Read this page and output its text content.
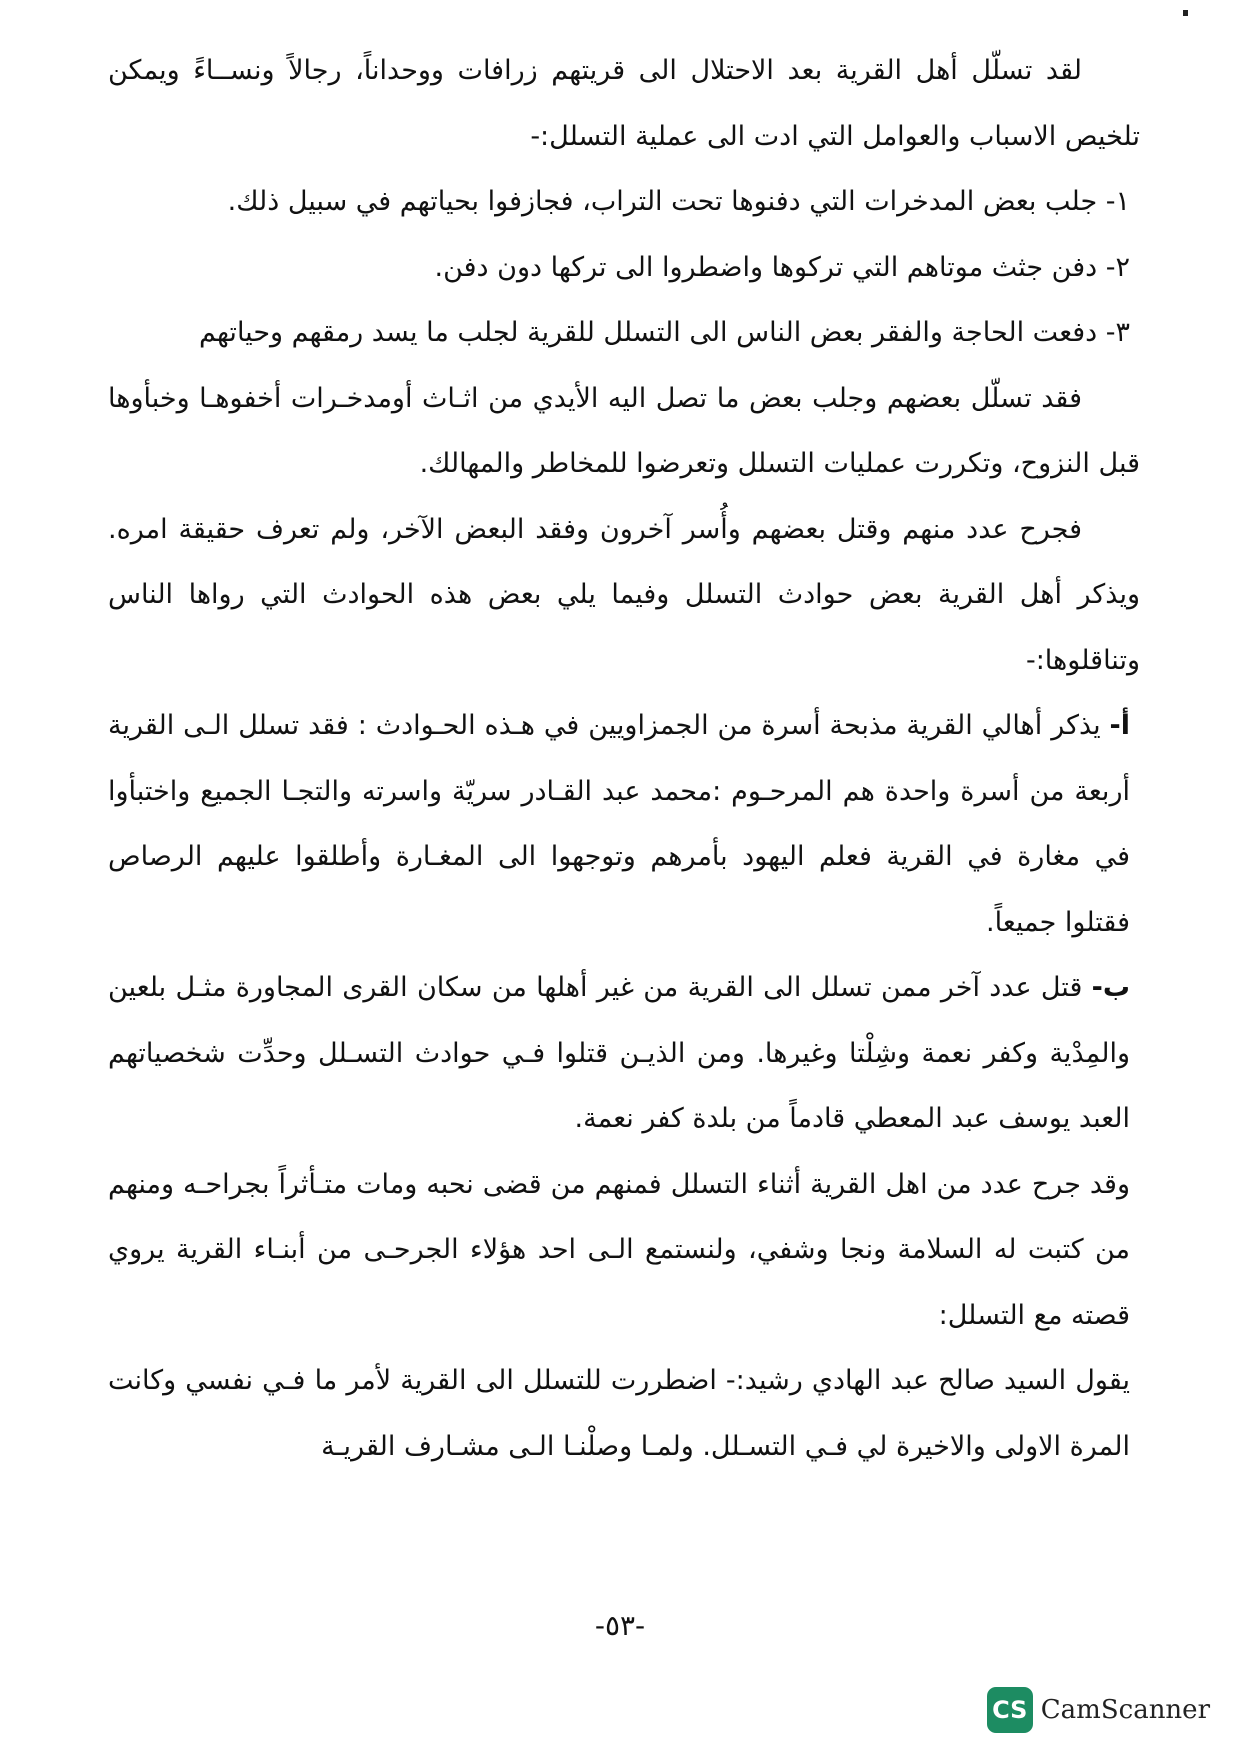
لقد تسلّل أهل القرية بعد الاحتلال الى قريتهم زرافات ووحداناً، رجالاً ونســاءً ويمكن تلخيص الاسباب والعوامل التي ادت الى عملية التسلل:-

١- جلب بعض المدخرات التي دفنوها تحت التراب، فجازفوا بحياتهم في سبيل ذلك.

٢- دفن جثث موتاهم التي تركوها واضطروا الى تركها دون دفن.

٣- دفعت الحاجة والفقر بعض الناس الى التسلل للقرية لجلب ما يسد رمقهم وحياتهم

فقد تسلّل بعضهم وجلب بعض ما تصل اليه الأيدي من اثـاث أومدخـرات أخفوهـا وخبأوها قبل النزوح، وتكررت عمليات التسلل وتعرضوا للمخاطر والمهالك.

فجرح عدد منهم وقتل بعضهم وأُسر آخرون وفقد البعض الآخر، ولم تعرف حقيقة امره. ويذكر أهل القرية بعض حوادث التسلل وفيما يلي بعض هذه الحوادث التي رواها الناس وتناقلوها:-

أ- يذكر أهالي القرية مذبحة أسرة من الجمزاويين في هـذه الحـوادث : فقد تسلل الـى القرية أربعة من أسرة واحدة هم المرحـوم :محمد عبد القـادر سريّة واسرته والتجـا الجميع واختبأوا في مغارة في القرية فعلم اليهود بأمرهم وتوجهوا الى المغـارة وأطلقوا عليهم الرصاص فقتلوا جميعاً.

ب- قتل عدد آخر ممن تسلل الى القرية من غير أهلها من سكان القرى المجاورة مثـل بلعين والمِدْية وكفر نعمة وشِلْتا وغيرها. ومن الذيـن قتلوا فـي حوادث التسـلل وحدِّت شخصياتهم العبد يوسف عبد المعطي قادماً من بلدة كفر نعمة.

وقد جرح عدد من اهل القرية أثناء التسلل فمنهم من قضى نحبه ومات متـأثراً بجراحـه ومنهم من كتبت له السلامة ونجا وشفي، ولنستمع الـى احد هؤلاء الجرحـى من أبنـاء القرية يروي قصته مع التسلل:

يقول السيد صالح عبد الهادي رشيد:- اضطررت للتسلل الى القرية لأمر ما فـي نفسي وكانت المرة الاولى والاخيرة لي فـي التسـلل. ولمـا وصلْنـا الـى مشـارف القريـة

-٥٣-
CS CamScanner
